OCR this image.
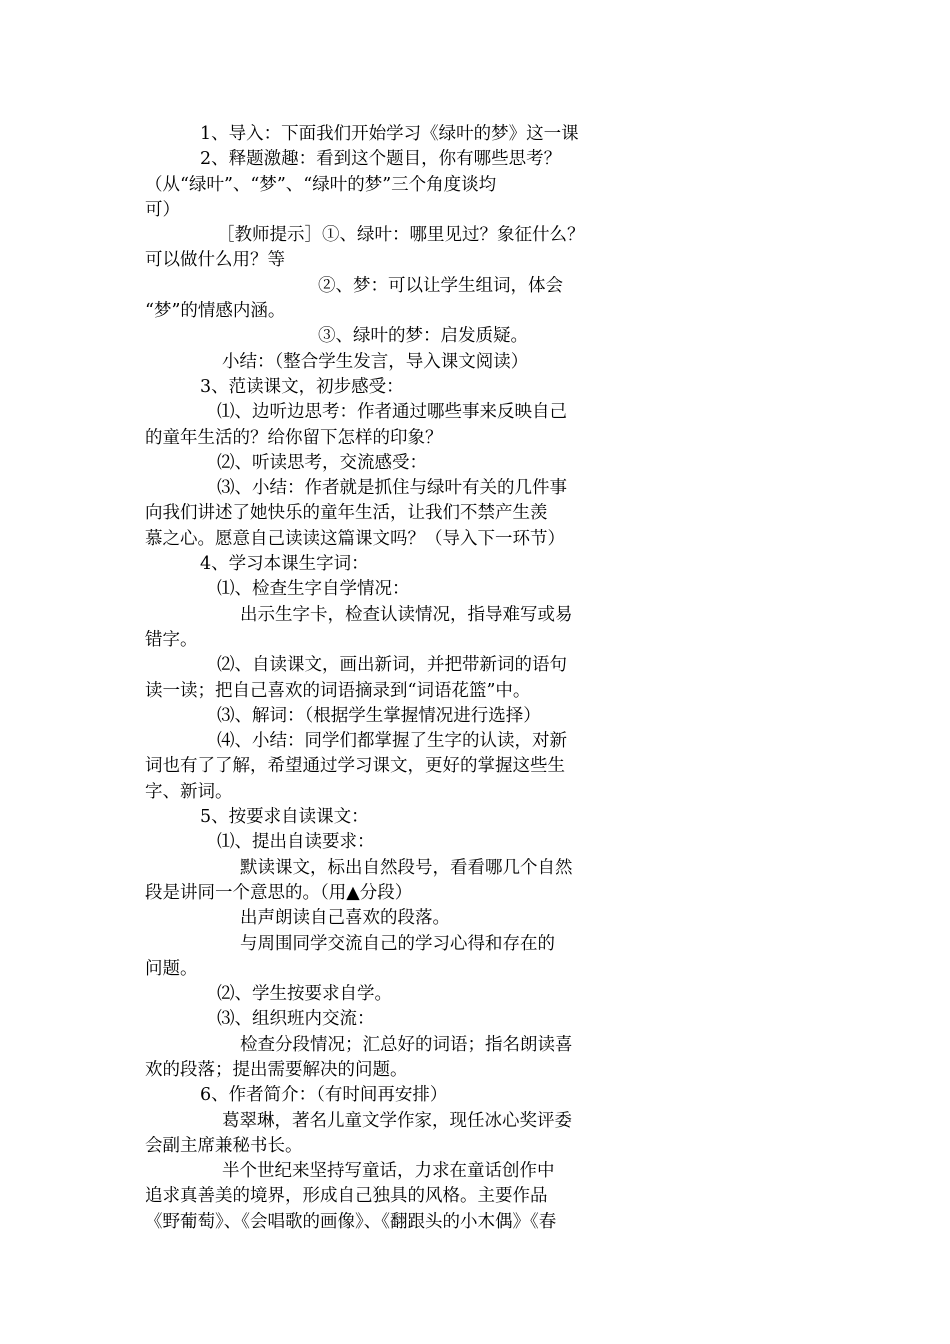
1、导入：下面我们开始学习《绿叶的梦》这一课
2、释题激趣：看到这个题目，你有哪些思考？
（从“绿叶”、“梦”、“绿叶的梦”三个角度谈均
可）
［教师提示］①、绿叶：哪里见过？象征什么？
可以做什么用？等
②、梦：可以让学生组词，体会
“梦”的情感内涵。
③、绿叶的梦：启发质疑。
小结：（整合学生发言，导入课文阅读）
3、范读课文，初步感受：
⑴、边听边思考：作者通过哪些事来反映自己
的童年生活的？给你留下怎样的印象？
⑵、听读思考，交流感受：
⑶、小结：作者就是抓住与绿叶有关的几件事
向我们讲述了她快乐的童年生活，让我们不禁产生羡
慕之心。愿意自己读读这篇课文吗？（导入下一环节）
4、学习本课生字词：
⑴、检查生字自学情况：
出示生字卡，检查认读情况，指导难写或易
错字。
⑵、自读课文，画出新词，并把带新词的语句
读一读；把自己喜欢的词语摘录到“词语花篮”中。
⑶、解词：（根据学生掌握情况进行选择）
⑷、小结：同学们都掌握了生字的认读，对新
词也有了了解，希望通过学习课文，更好的掌握这些生
字、新词。
5、按要求自读课文：
⑴、提出自读要求：
默读课文，标出自然段号，看看哪几个自然
段是讲同一个意思的。（用▲分段）
出声朗读自己喜欢的段落。
与周围同学交流自己的学习心得和存在的
问题。
⑵、学生按要求自学。
⑶、组织班内交流：
检查分段情况；汇总好的词语；指名朗读喜
欢的段落；提出需要解决的问题。
6、作者简介：（有时间再安排）
葛翠琳，著名儿童文学作家，现任冰心奖评委
会副主席兼秘书长。
半个世纪来坚持写童话，力求在童话创作中
追求真善美的境界，形成自己独具的风格。主要作品
《野葡萄》、《会唱歌的画像》、《翻跟头的小木偶》《春
